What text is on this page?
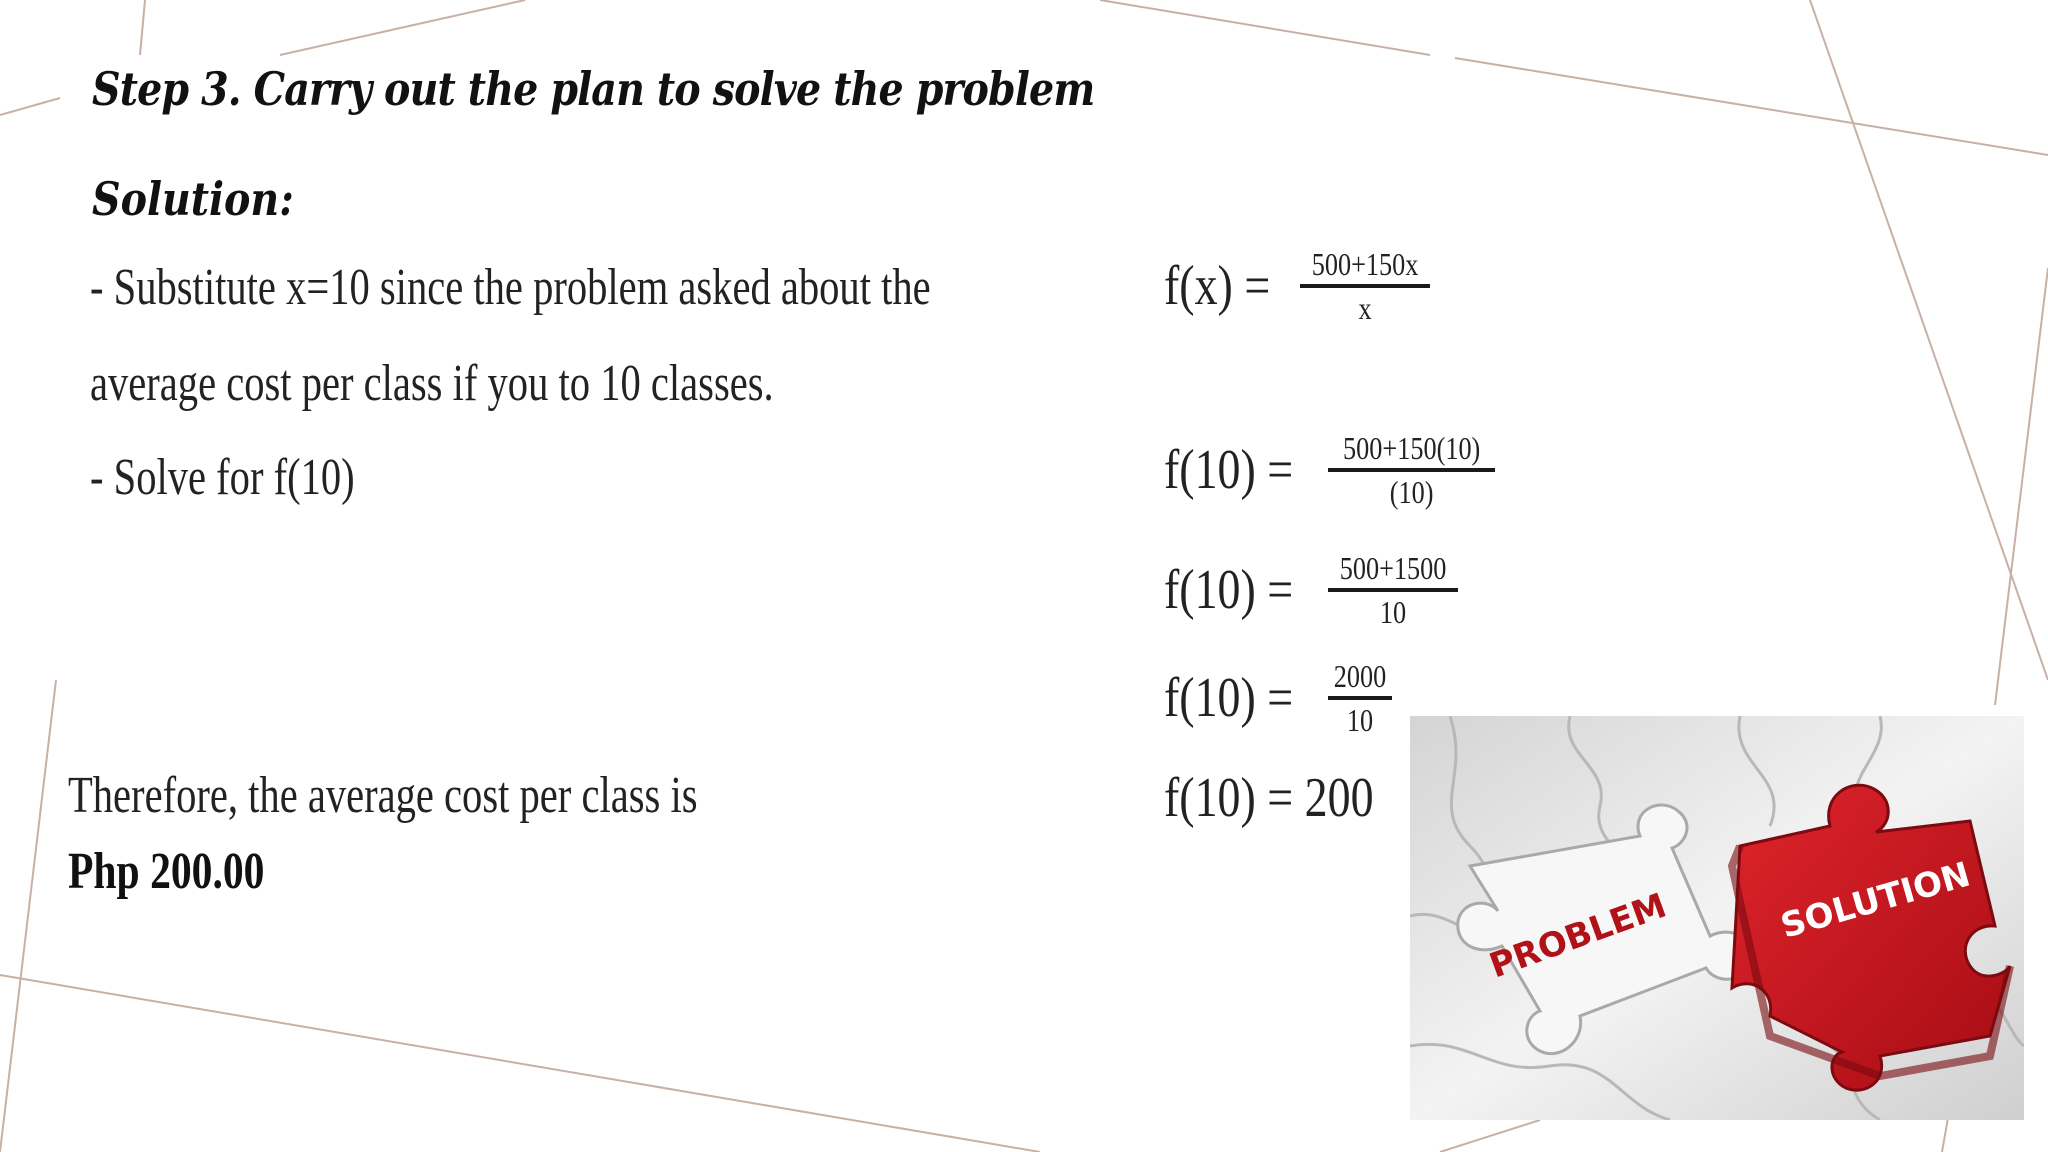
Step 3. Carry out the plan to solve the problem
Solution:
- Substitute x=10 since the problem asked about the
average cost per class if you to 10 classes.
- Solve for f(10)
Therefore, the average cost per class is
Php 200.00
$f(x) = \frac{500+150x}{x}$
$f(10) = \frac{500+150(10)}{(10)}$
$f(10) = \frac{500+1500}{10}$
$f(10) = \frac{2000}{10}$
f(10) = 200
PROBLEM	SOLUTION
